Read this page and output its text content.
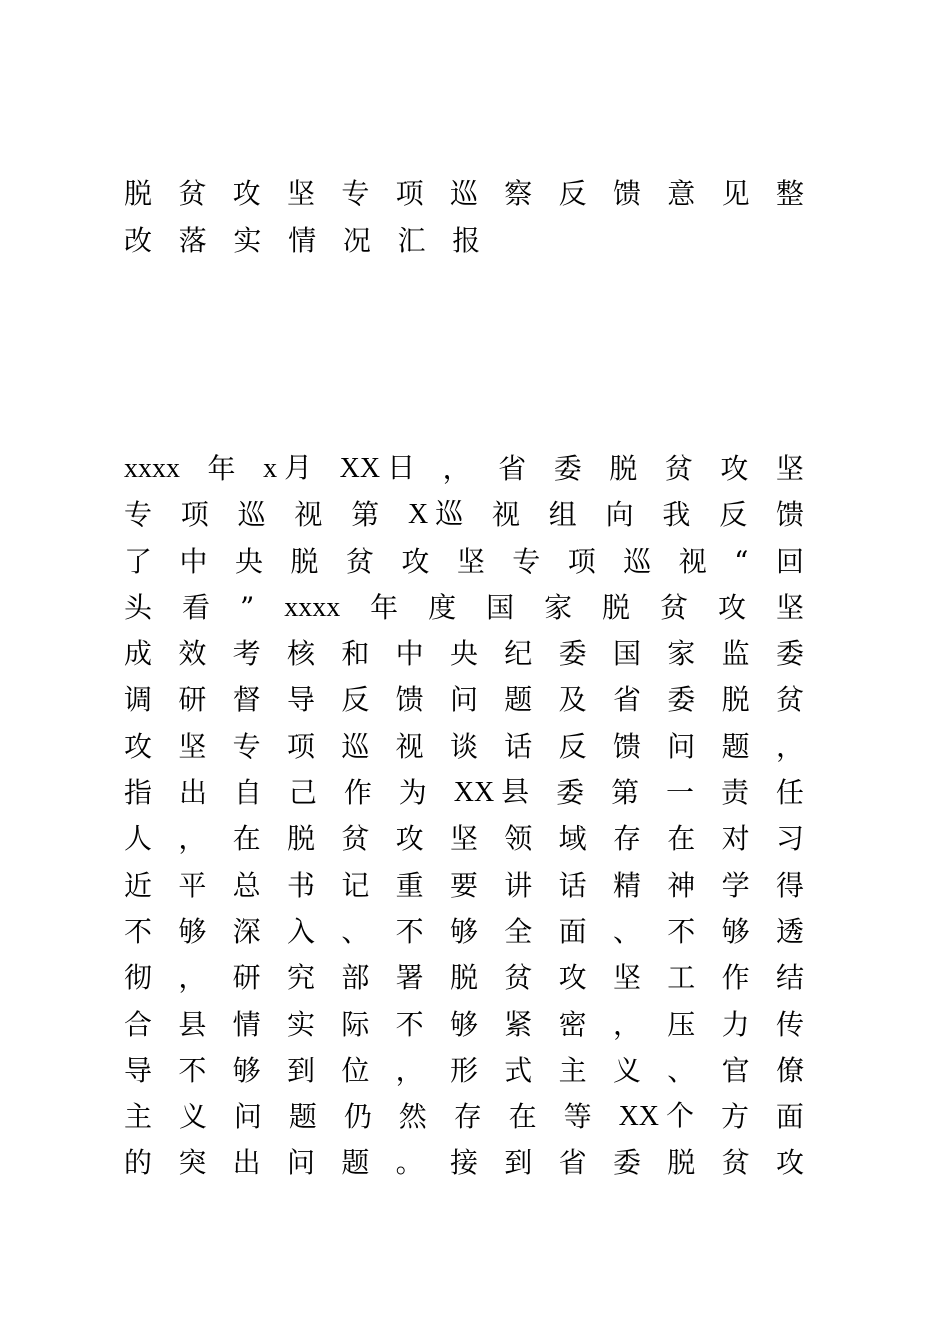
脱 贫 攻 坚 专 项 巡 察 反 馈 意 见 整
改 落 实 情 况 汇 报
xxxx 年 x 月 XX 日 ， 省 委 脱 贫 攻 坚
专 项 巡 视 第 X 巡 视 组 向 我 反 馈
了 中 央 脱 贫 攻 坚 专 项 巡 视 “ 回
头 看 ” xxxx 年 度 国 家 脱 贫 攻 坚
成 效 考 核 和 中 央 纪 委 国 家 监 委
调 研 督 导 反 馈 问 题 及 省 委 脱 贫
攻 坚 专 项 巡 视 谈 话 反 馈 问 题 ，
指 出 自 己 作 为 XX 县 委 第 一 责 任
人 ， 在 脱 贫 攻 坚 领 域 存 在 对 习
近 平 总 书 记 重 要 讲 话 精 神 学 得
不 够 深 入 、 不 够 全 面 、 不 够 透
彻 ， 研 究 部 署 脱 贫 攻 坚 工 作 结
合 县 情 实 际 不 够 紧 密 ， 压 力 传
导 不 够 到 位 ， 形 式 主 义 、 官 僚
主 义 问 题 仍 然 存 在 等 XX 个 方 面
的 突 出 问 题 。 接 到 省 委 脱 贫 攻
